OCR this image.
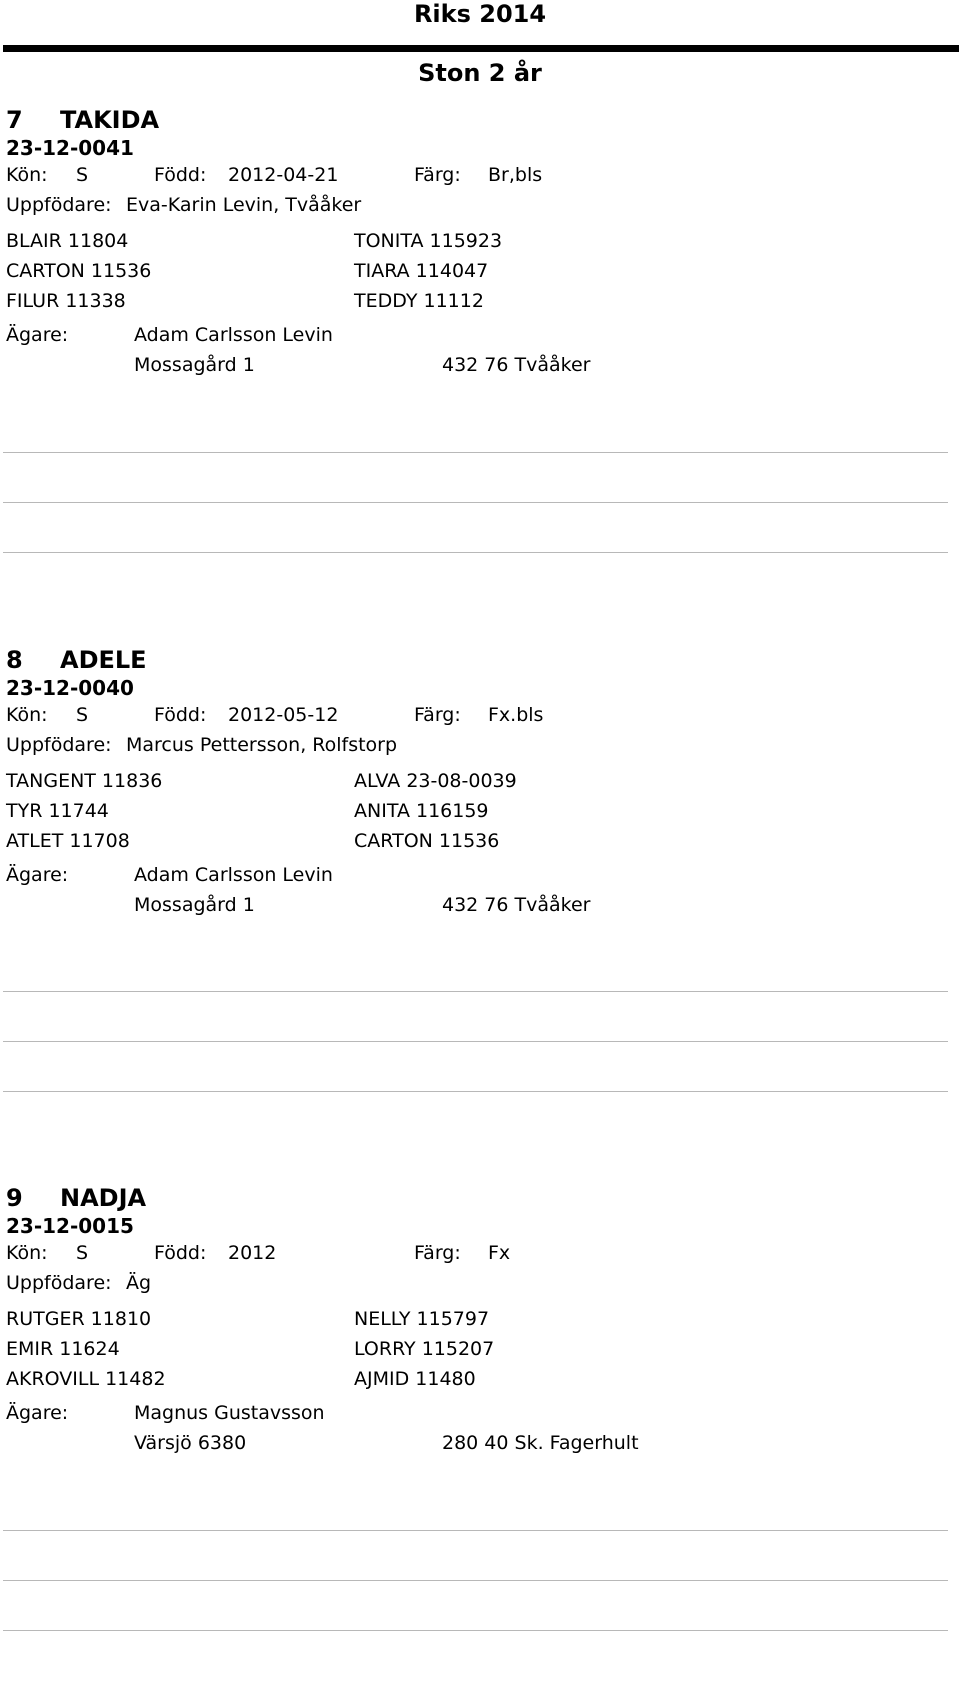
Riks 2014
Ston 2 år
7 TAKIDA
23-12-0041
Kön: S	Född: 2012-04-21	Färg: Br,bls
Uppfödare: Eva-Karin Levin, Tvååker
BLAIR 11804	TONITA 115923
CARTON 11536	TIARA 114047
FILUR 11338	TEDDY 11112
Ägare:	Adam Carlsson Levin
Mossagård 1	432 76 Tvååker
8 ADELE
23-12-0040
Kön: S	Född: 2012-05-12	Färg: Fx.bls
Uppfödare: Marcus Pettersson, Rolfstorp
TANGENT 11836	ALVA 23-08-0039
TYR 11744	ANITA 116159
ATLET 11708	CARTON 11536
Ägare:	Adam Carlsson Levin
Mossagård 1	432 76 Tvååker
9 NADJA
23-12-0015
Kön: S	Född: 2012	Färg: Fx
Uppfödare: Äg
RUTGER 11810	NELLY 115797
EMIR 11624	LORRY 115207
AKROVILL 11482	AJMID 11480
Ägare:	Magnus Gustavsson
Värsjö 6380	280 40 Sk. Fagerhult
